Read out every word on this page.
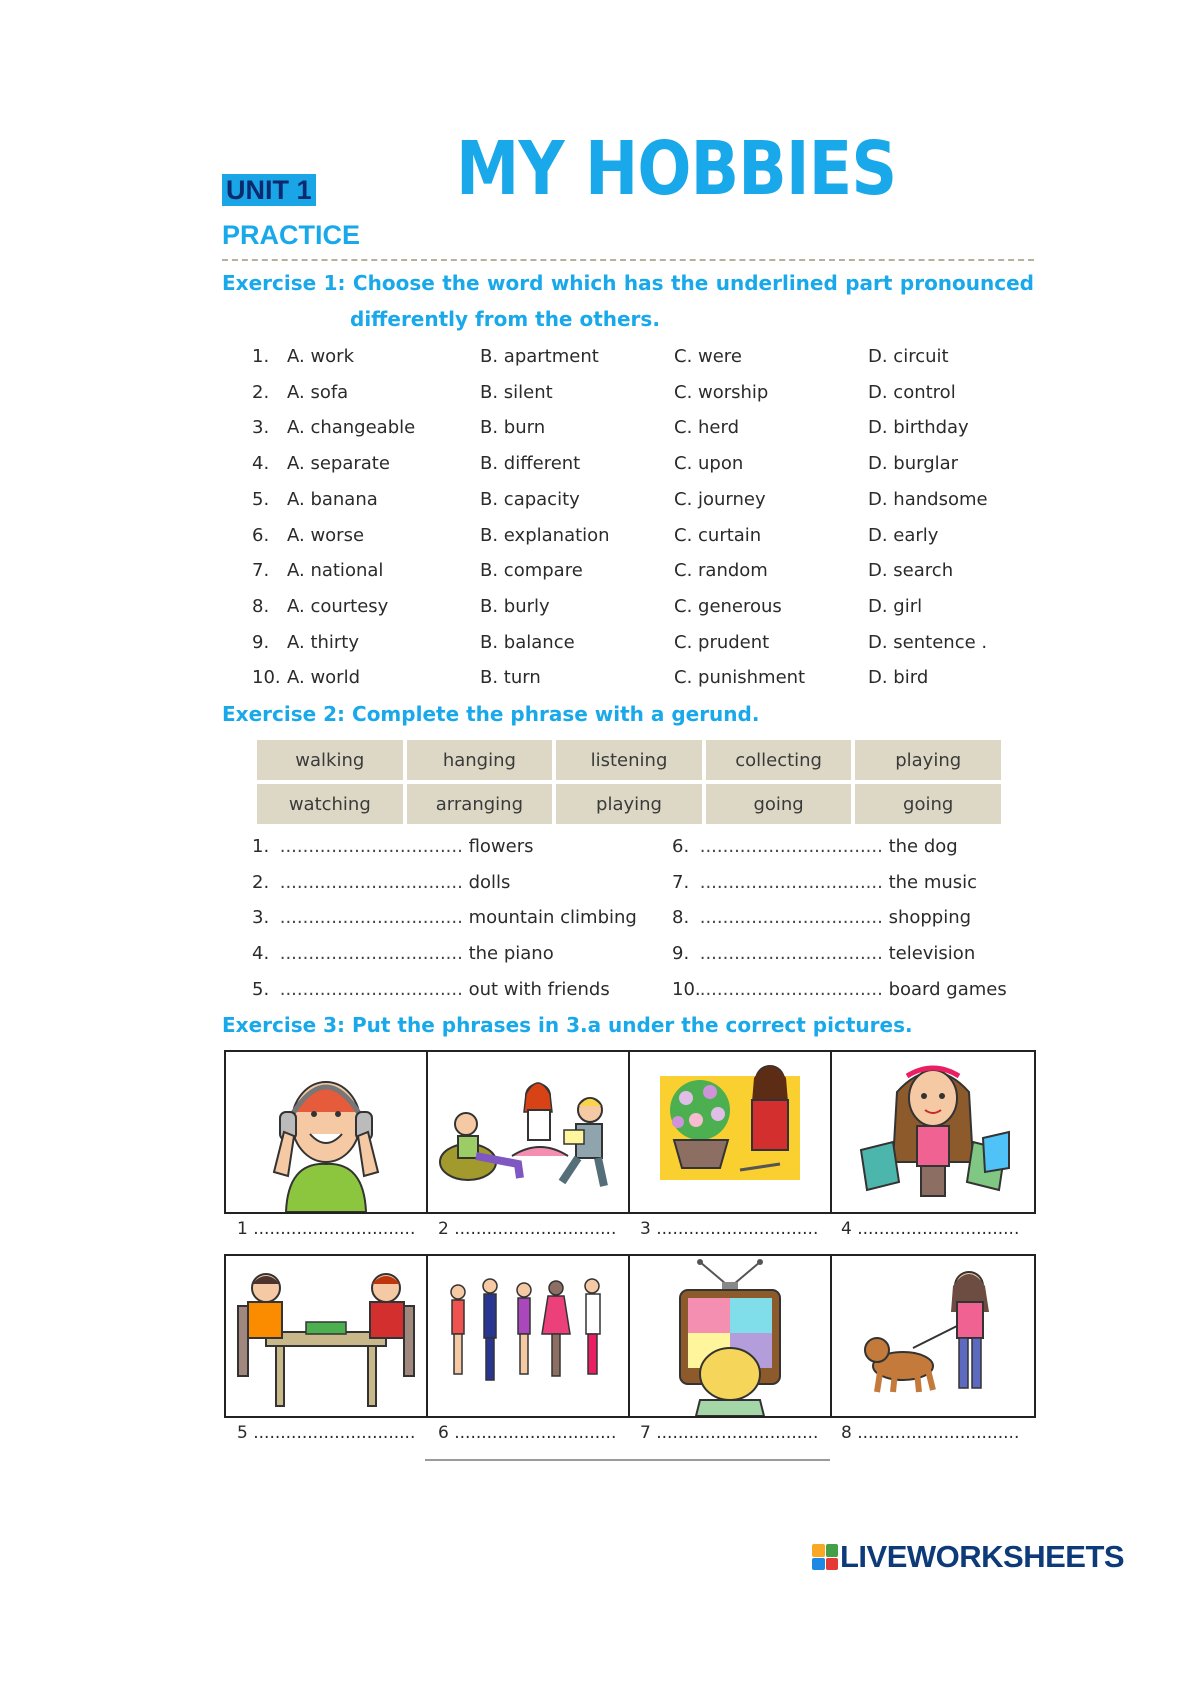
UNIT 1 MY HOBBIES
PRACTICE
Exercise 1: Choose the word which has the underlined part pronounced
differently from the others.
1. A. work	B. apartment	C. were	D. circuit
2. A. sofa	B. silent	C. worship	D. control
3. A. changeable	B. burn	C. herd	D. birthday
4. A. separate	B. different	C. upon	D. burglar
5. A. banana	B. capacity	C. journey	D. handsome
6. A. worse	B. explanation	C. curtain	D. early
7. A. national	B. compare	C. random	D. search
8. A. courtesy	B. burly	C. generous	D. girl
9. A. thirty	B. balance	C. prudent	D. sentence .
10. A. world	B. turn	C. punishment	D. bird
Exercise 2: Complete the phrase with a gerund.
walking	hanging	listening	collecting	playing
watching	arranging	playing	going	going
1. ................................ flowers
2. ................................ dolls
3. ................................ mountain climbing
4. ................................ the piano
5. ................................ out with friends
6. ................................ the dog
7. ................................ the music
8. ................................ shopping
9. ................................ television
10. ................................ board games
Exercise 3: Put the phrases in 3.a under the correct pictures.
1 .............................. 2 .............................. 3 .............................. 4 ..............................
5 .............................. 6 .............................. 7 .............................. 8 ..............................
LIVEWORKSHEETS
